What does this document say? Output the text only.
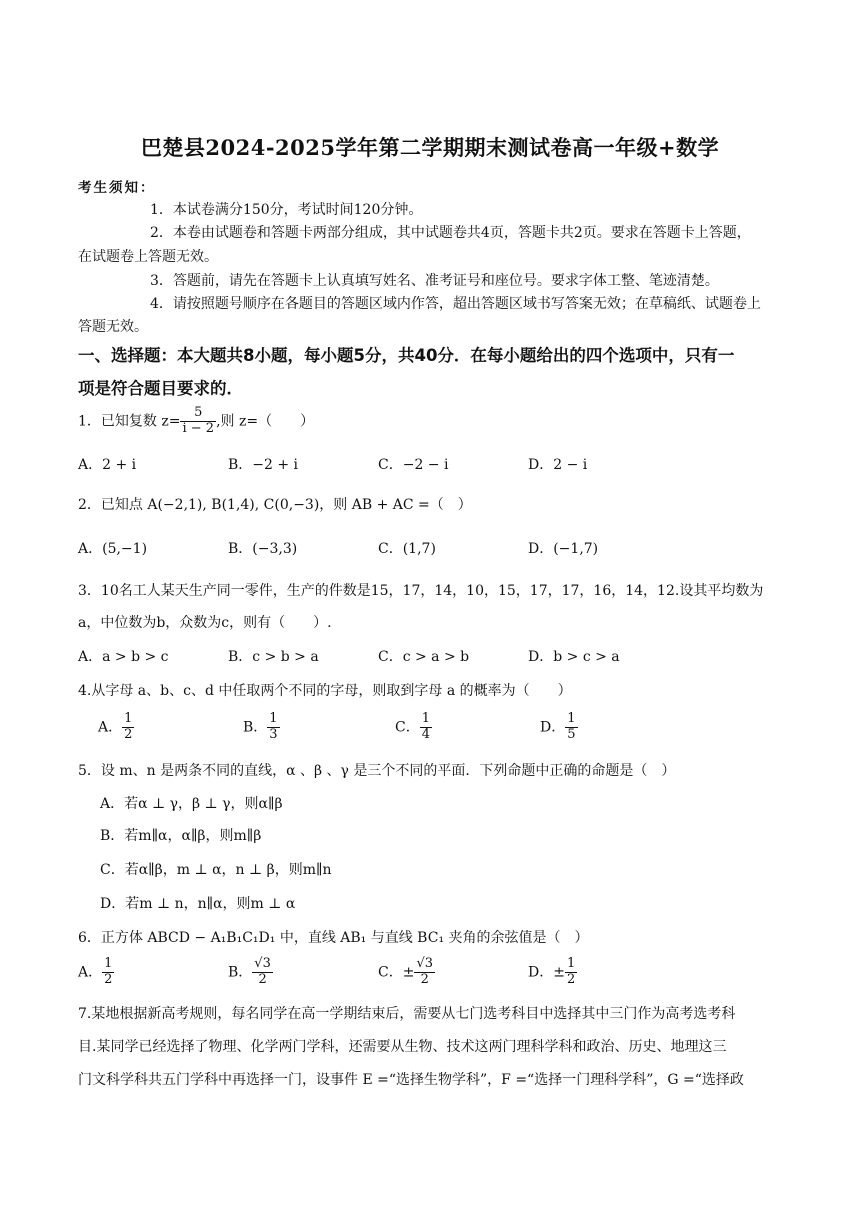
巴楚县2024-2025学年第二学期期末测试卷高一年级+数学
考生须知：
1．本试卷满分150分，考试时间120分钟。
2．本卷由试题卷和答题卡两部分组成，其中试题卷共4页，答题卡共2页。要求在答题卡上答题，
在试题卷上答题无效。
3．答题前，请先在答题卡上认真填写姓名、准考证号和座位号。要求字体工整、笔迹清楚。
4．请按照题号顺序在各题目的答题区域内作答，超出答题区域书写答案无效；在草稿纸、试题卷上
答题无效。
一、选择题：本大题共8小题，每小题5分，共40分．在每小题给出的四个选项中，只有一
项是符合题目要求的．
1．已知复数 $z= \frac{5}{i - 2}$ ,则 z=（　　）
A．2 + i	B．−2 + i	C．−2 − i	D．2 − i
2．已知点 A(−2,1), B(1,4), C(0,−3)，则 AB + AC =（　）
A．(5,−1)	B．(−3,3)	C．(1,7)	D．(−1,7)
3．10名工人某天生产同一零件，生产的件数是15，17，14，10，15，17，17，16，14，12.设其平均数为
a，中位数为b，众数为c，则有（　　）.
A．a > b > c	B．c > b > a	C．c > a > b	D．b > c > a
4.从字母 a、b、c、d 中任取两个不同的字母，则取到字母 a 的概率为（　　）
A． $\frac{1}{2}$	B． $\frac{1}{3}$	C． $\frac{1}{4}$	D． $\frac{1}{5}$
5．设 m、n 是两条不同的直线，α 、β 、γ 是三个不同的平面．下列命题中正确的命题是（　）
A．若α ⊥ γ，β ⊥ γ，则α∥β
B．若m∥α，α∥β，则m∥β
C．若α∥β，m ⊥ α，n ⊥ β，则m∥n
D．若m ⊥ n，n∥α，则m ⊥ α
6．正方体 ABCD − A₁B₁C₁D₁ 中，直线 AB₁ 与直线 BC₁ 夹角的余弦值是（　）
A． $\frac{1}{2}$	B． $\frac{√3}{2}$	C．± $\frac{√3}{2}$	D．± $\frac{1}{2}$
7.某地根据新高考规则，每名同学在高一学期结束后，需要从七门选考科目中选择其中三门作为高考选考科
目.某同学已经选择了物理、化学两门学科，还需要从生物、技术这两门理科学科和政治、历史、地理这三
门文科学科共五门学科中再选择一门，设事件 E =“选择生物学科”，F =“选择一门理科学科”，G =“选择政
